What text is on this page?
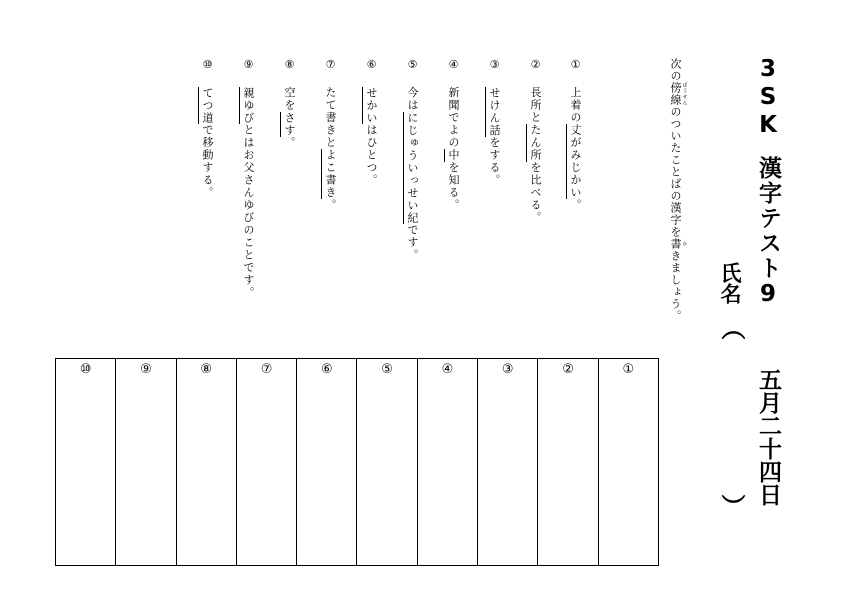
3SK漢字テスト9
五月二十四日
氏名
︵
︶
次の傍線 ぼうせんのついたことばの漢字を書 かきましょう。
①上着の丈がみじかい。
②長所とたん所を比べる。
③せけん話をする。
④新聞でよの中を知る。
⑤今はにじゅういっせい紀です。
⑥せかいはひとつ。
⑦たて書きとよこ書き。
⑧空をさす。
⑨親ゆびとはお父さんゆびのことです。
⑩てつ道で移動する。
⑩	⑨	⑧	⑦	⑥	⑤	④	③	②	①
